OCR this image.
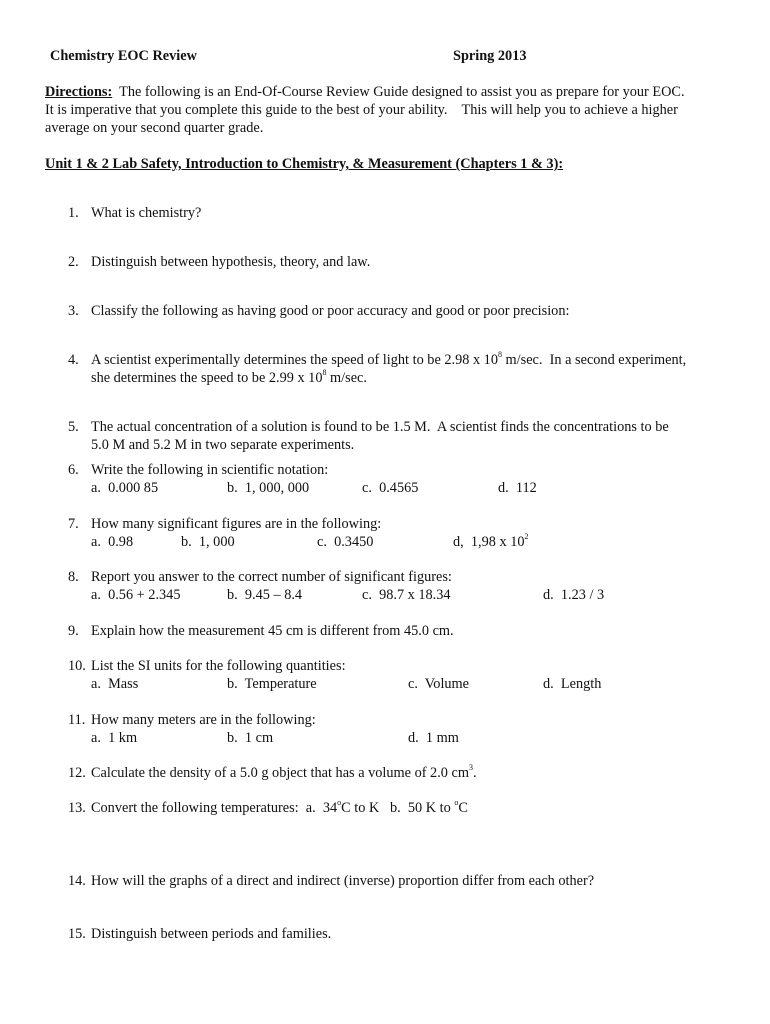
Chemistry EOC Review	Spring 2013
Directions: The following is an End-Of-Course Review Guide designed to assist you as prepare for your EOC.
It is imperative that you complete this guide to the best of your ability.    This will help you to achieve a higher
average on your second quarter grade.
Unit 1 & 2 Lab Safety, Introduction to Chemistry, & Measurement (Chapters 1 & 3):
1. What is chemistry?
2. Distinguish between hypothesis, theory, and law.
3. Classify the following as having good or poor accuracy and good or poor precision:
4. A scientist experimentally determines the speed of light to be 2.98 x $10^8$ m/sec.  In a second experiment,
she determines the speed to be 2.99 x $10^8$ m/sec.
5. The actual concentration of a solution is found to be 1.5 M.  A scientist finds the concentrations to be
5.0 M and 5.2 M in two separate experiments.
6. Write the following in scientific notation:
a.  0.000 85	b.  1, 000, 000	c.  0.4565	d.  112
7. How many significant figures are in the following:
a.  0.98	b.  1, 000	c.  0.3450	d,  1,98 x $10^2$
8. Report you answer to the correct number of significant figures:
a.  0.56 + 2.345	b.  9.45 – 8.4	c.  98.7 x 18.34	d.  1.23 / 3
9. Explain how the measurement 45 cm is different from 45.0 cm.
10. List the SI units for the following quantities:
a.  Mass	b.  Temperature	c.  Volume	d.  Length
11. How many meters are in the following:
a.  1 km	b.  1 cm	d.  1 mm
12. Calculate the density of a 5.0 g object that has a volume of 2.0 $cm^3$.
13. Convert the following temperatures:  a.  34$^o$C to K   b.  50 K to $^o$C
14. How will the graphs of a direct and indirect (inverse) proportion differ from each other?
15. Distinguish between periods and families.
